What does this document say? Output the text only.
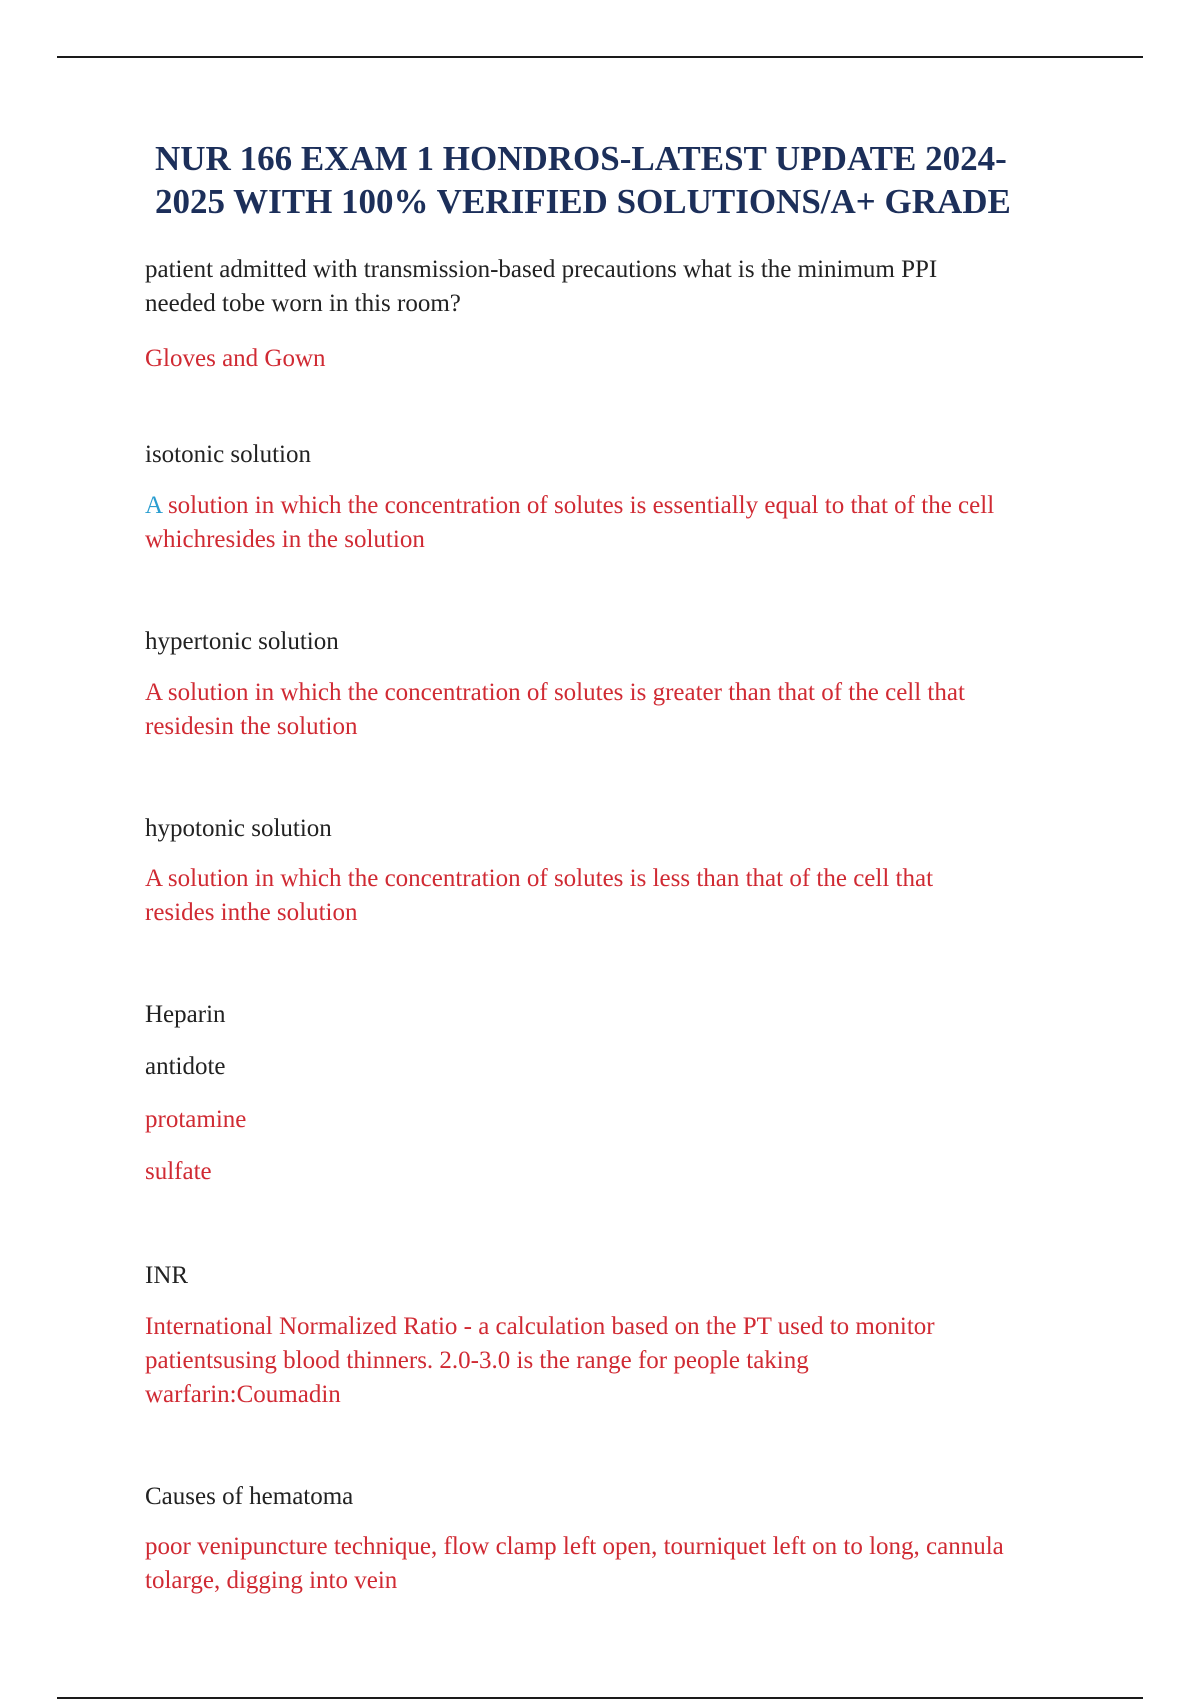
NUR 166 EXAM 1 HONDROS-LATEST UPDATE 2024-2025 WITH 100% VERIFIED SOLUTIONS/A+ GRADE

patient admitted with transmission-based precautions what is the minimum PPI needed tobe worn in this room?

Gloves and Gown

isotonic solution

A solution in which the concentration of solutes is essentially equal to that of the cell whichresides in the solution

hypertonic solution

A solution in which the concentration of solutes is greater than that of the cell that residesin the solution

hypotonic solution

A solution in which the concentration of solutes is less than that of the cell that resides inthe solution

Heparin

antidote

protamine

sulfate

INR

International Normalized Ratio - a calculation based on the PT used to monitor patientsusing blood thinners. 2.0-3.0 is the range for people taking warfarin:Coumadin

Causes of hematoma

poor venipuncture technique, flow clamp left open, tourniquet left on to long, cannula tolarge, digging into vein
